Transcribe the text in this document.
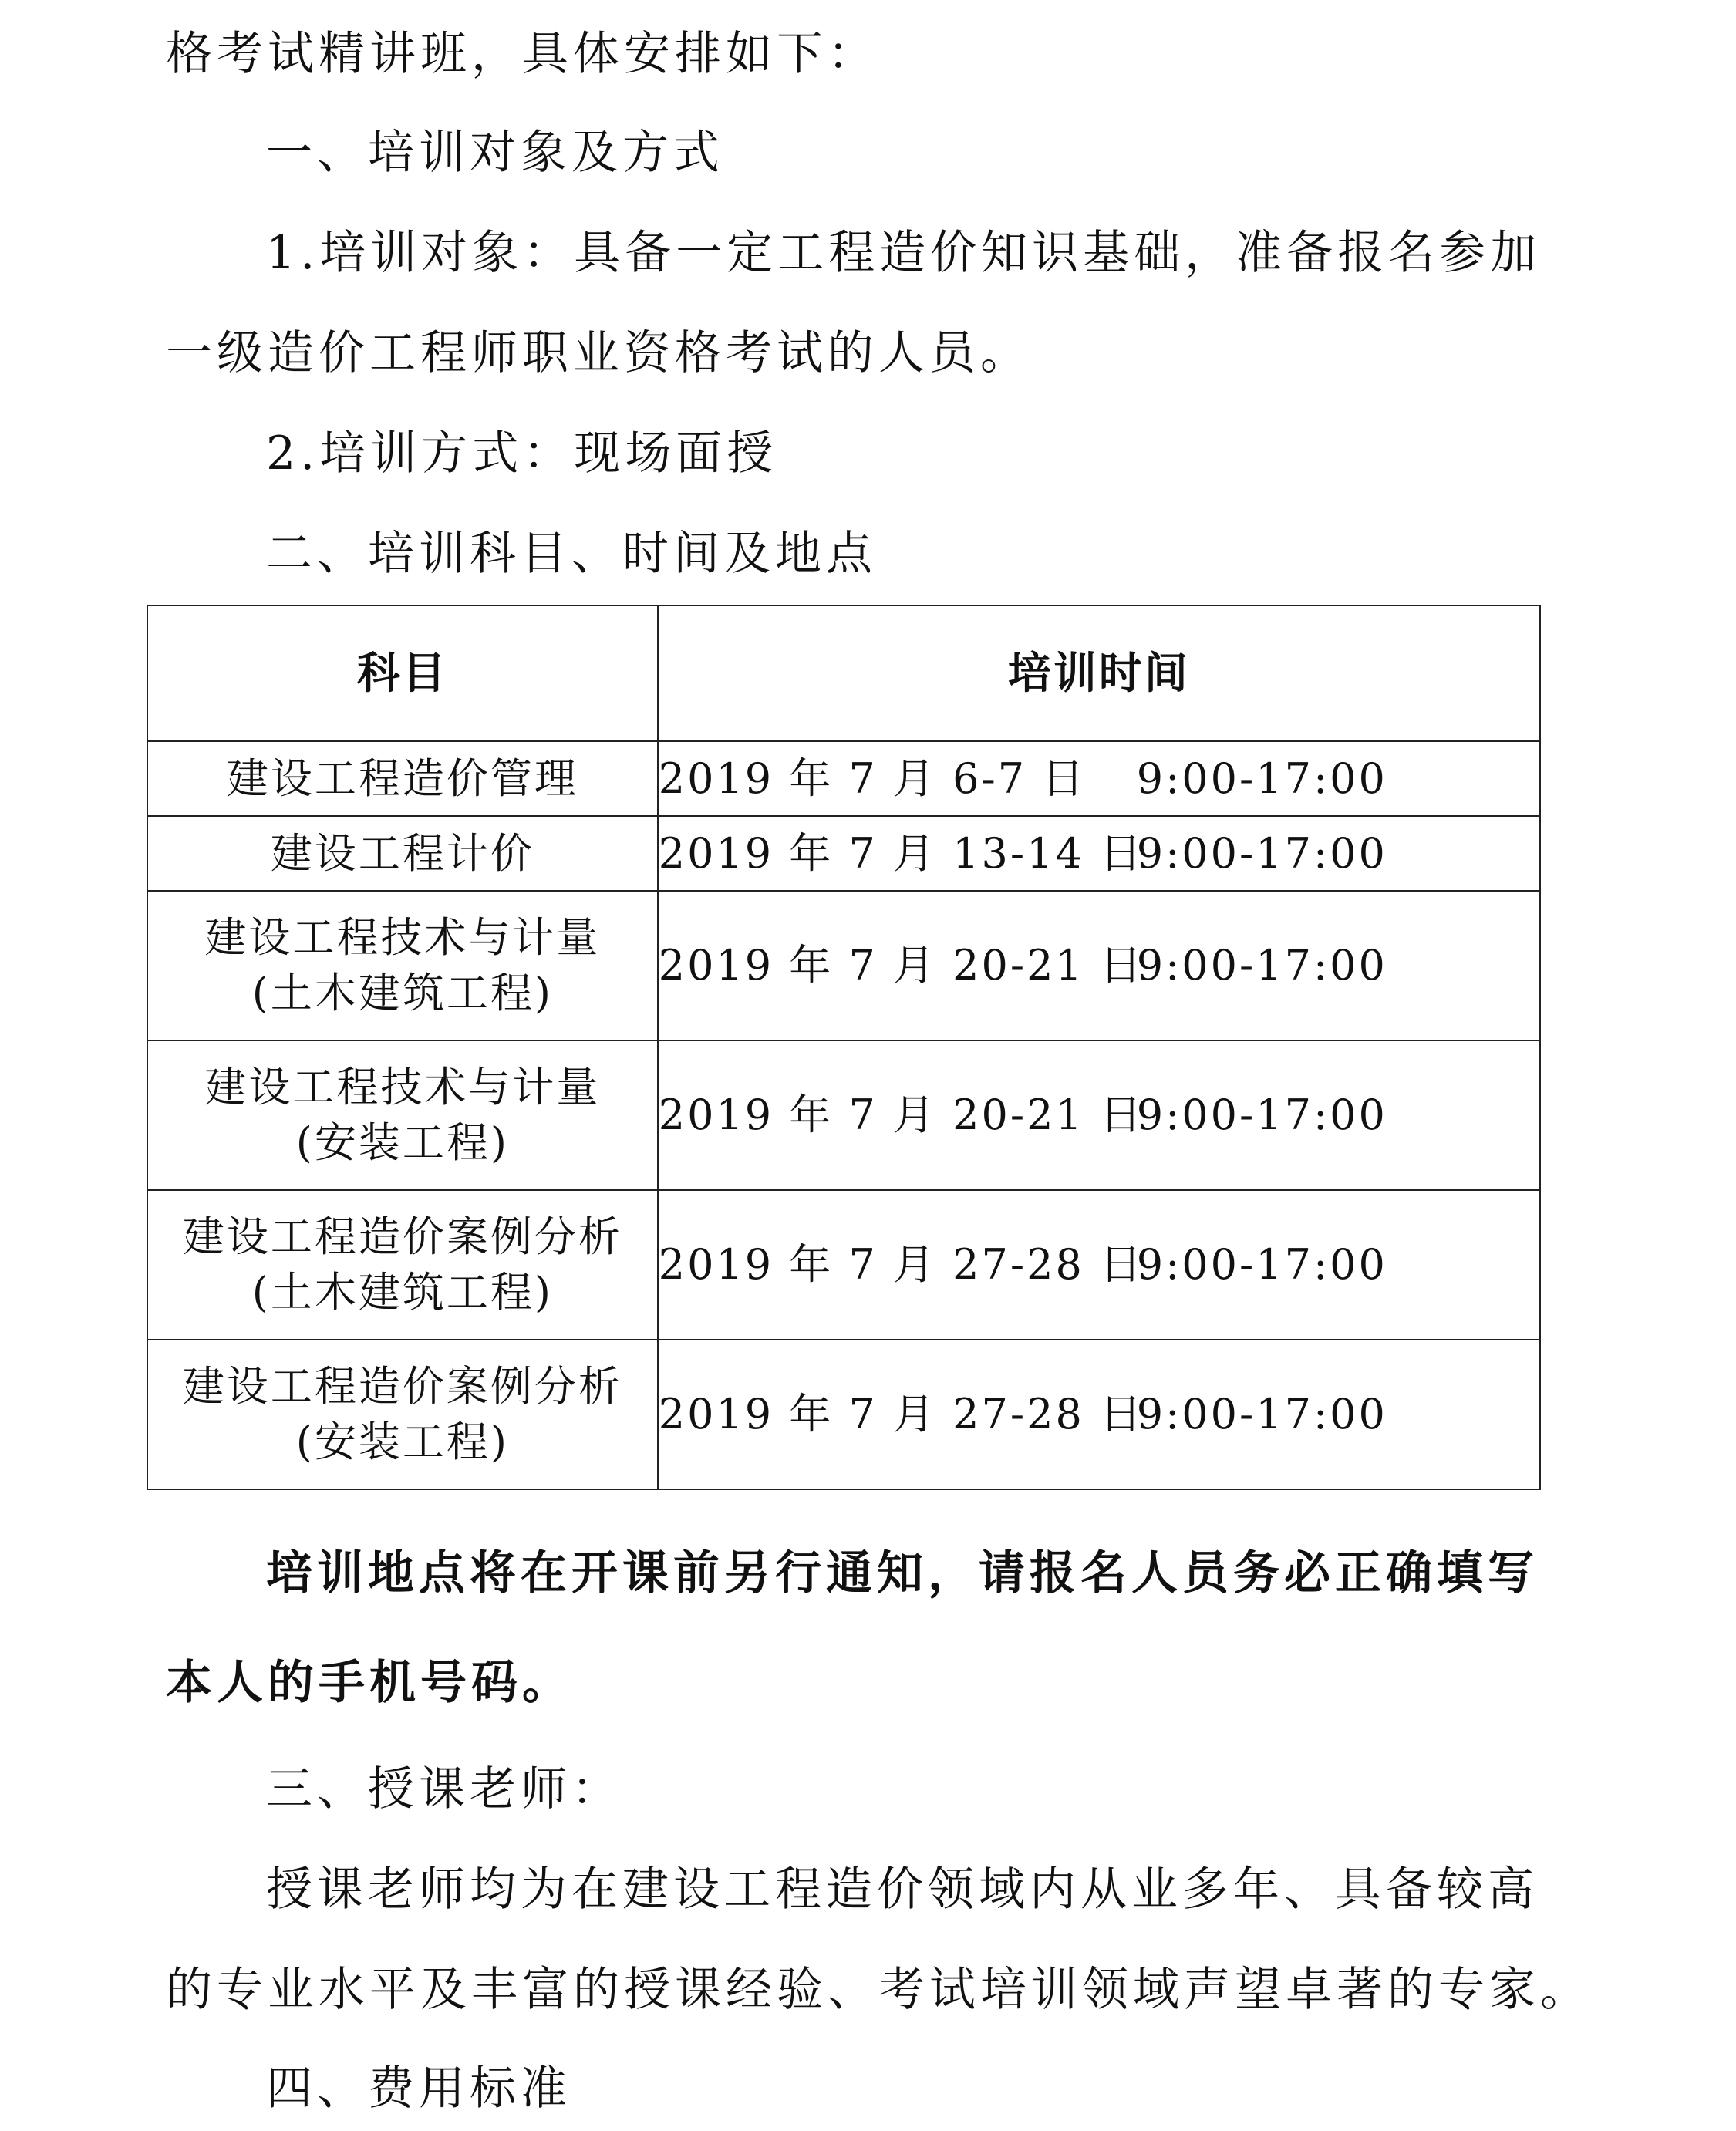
格考试精讲班，具体安排如下：
一、培训对象及方式
1.培训对象：具备一定工程造价知识基础，准备报名参加
一级造价工程师职业资格考试的人员。
2.培训方式：现场面授
二、培训科目、时间及地点
科目	培训时间

建设工程造价管理	2019 年 7 月 6-7 日 9:00-17:00

建设工程计价	2019 年 7 月 13-14 日9:00-17:00

建设工程技术与计量
(土木建筑工程)	2019 年 7 月 20-21 日9:00-17:00

建设工程技术与计量
(安装工程)	2019 年 7 月 20-21 日9:00-17:00

建设工程造价案例分析
(土木建筑工程)	2019 年 7 月 27-28 日9:00-17:00

建设工程造价案例分析
(安装工程)	2019 年 7 月 27-28 日9:00-17:00
培训地点将在开课前另行通知，请报名人员务必正确填写
本人的手机号码。
三、授课老师：
授课老师均为在建设工程造价领域内从业多年、具备较高
的专业水平及丰富的授课经验、考试培训领域声望卓著的专家。
四、费用标准
